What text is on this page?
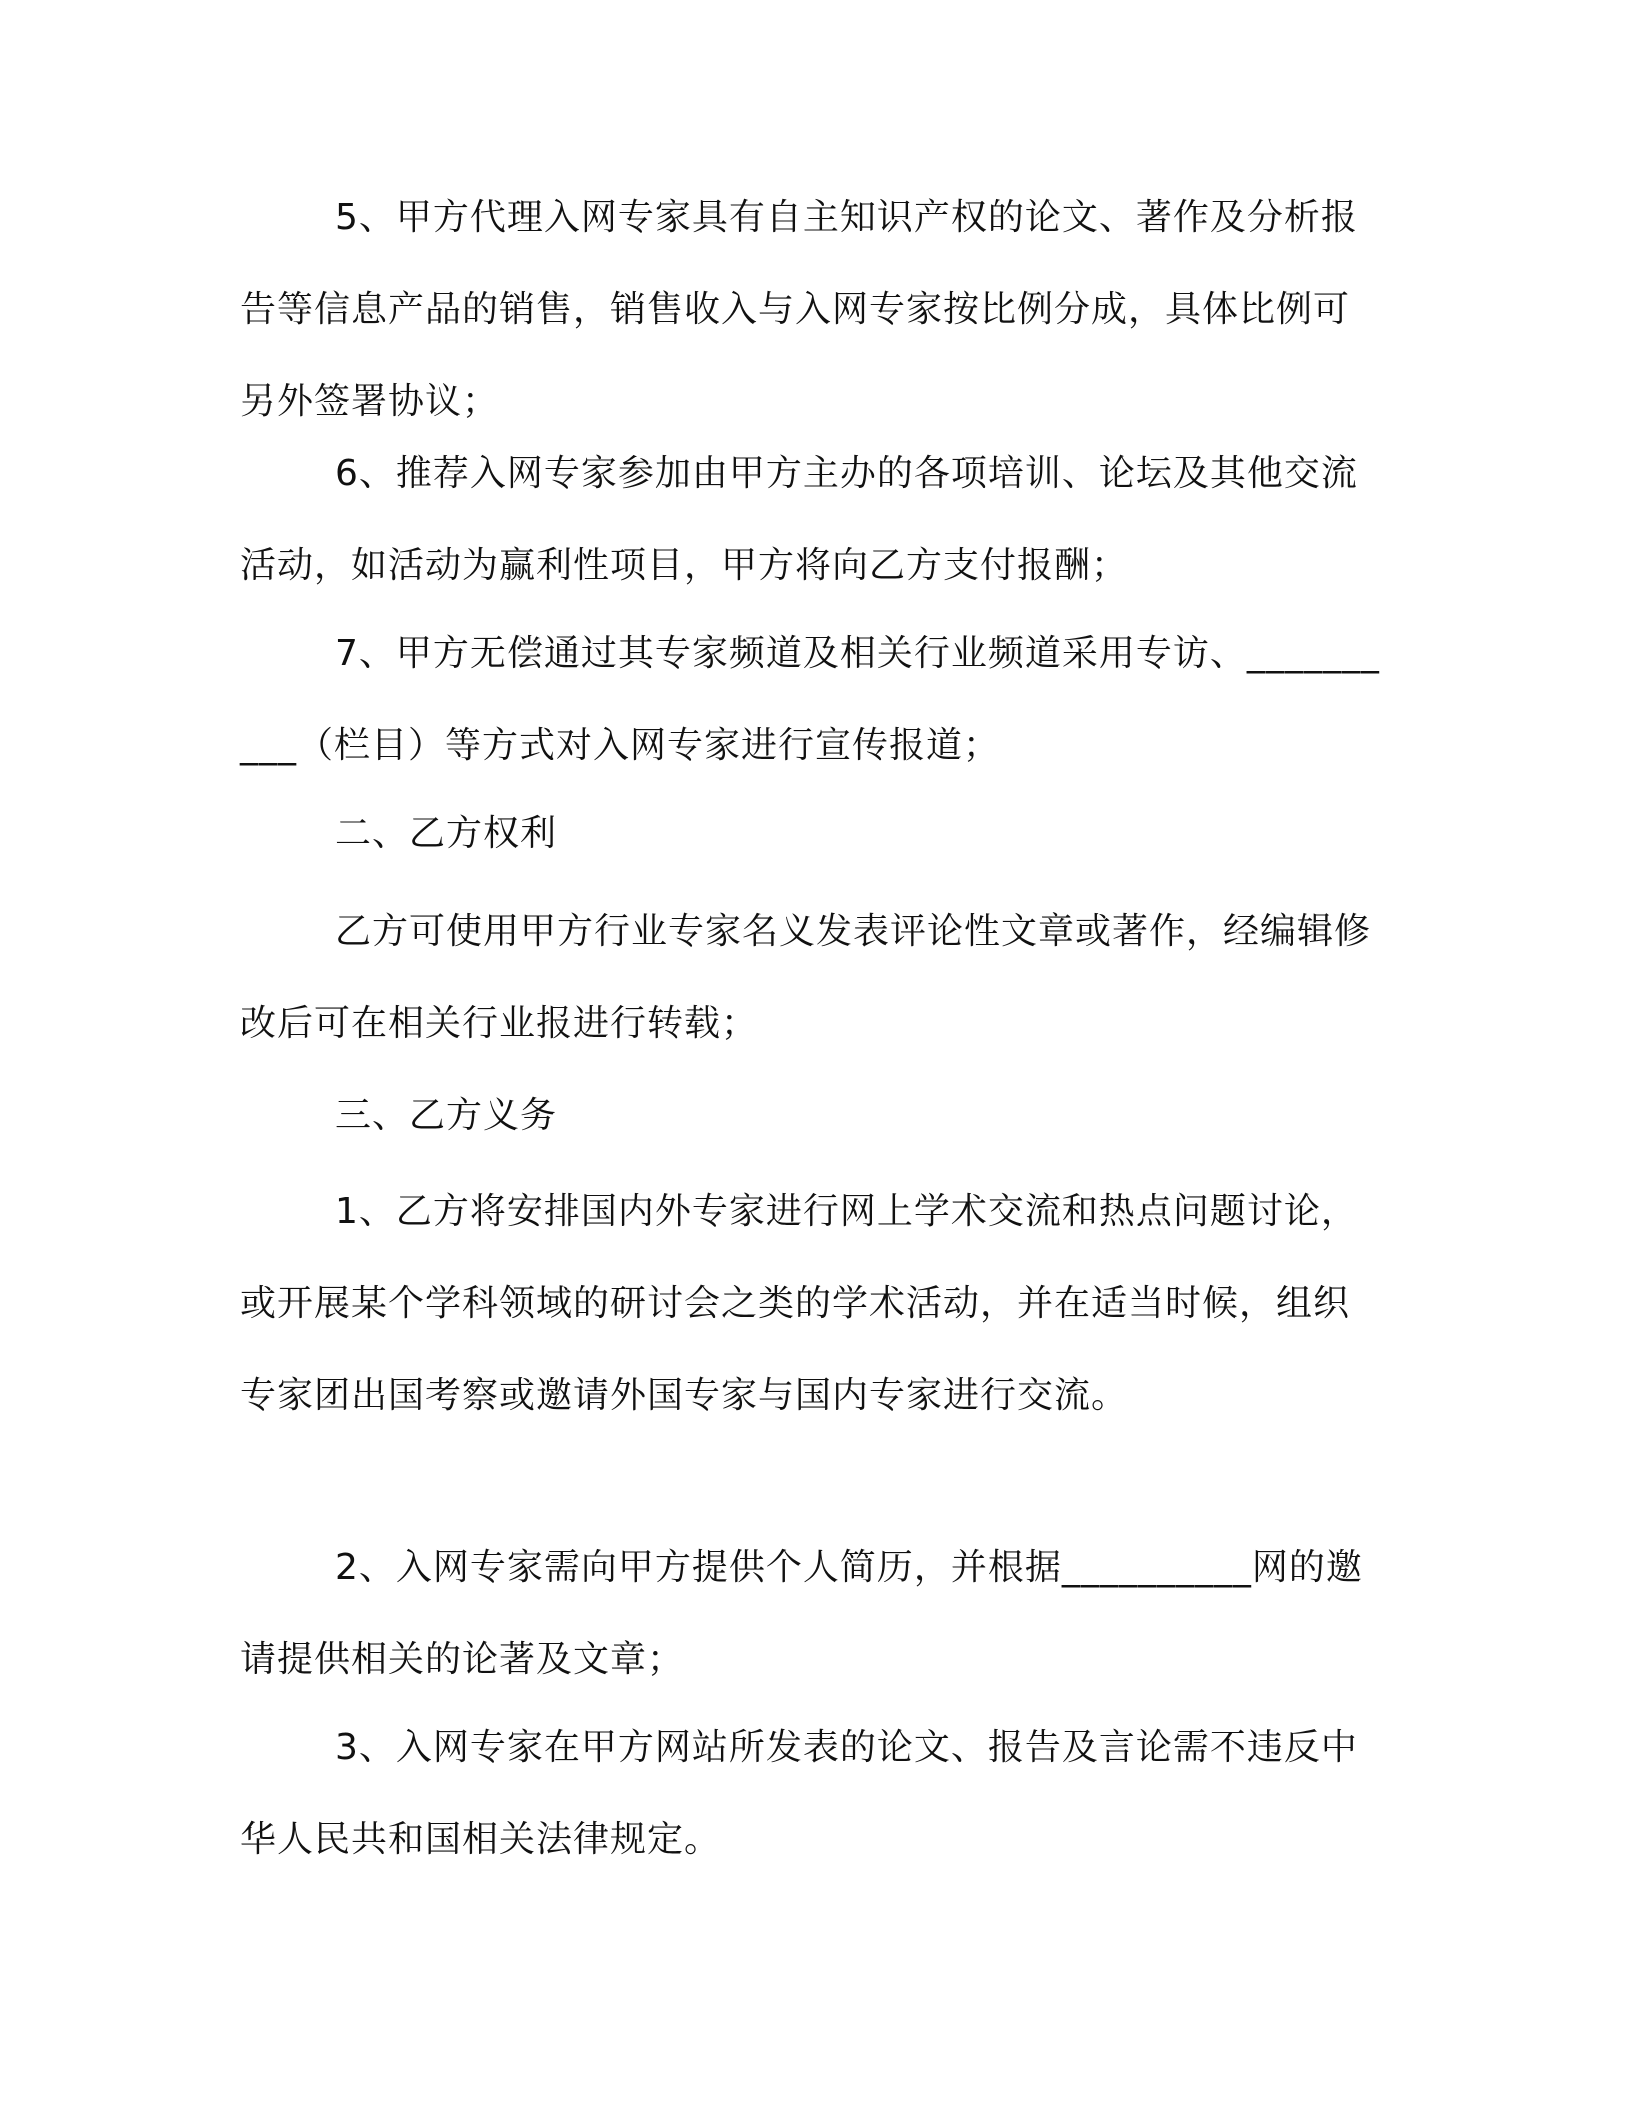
5、甲方代理入网专家具有自主知识产权的论文、著作及分析报告等信息产品的销售，销售收入与入网专家按比例分成，具体比例可另外签署协议；

6、推荐入网专家参加由甲方主办的各项培训、论坛及其他交流活动，如活动为赢利性项目，甲方将向乙方支付报酬；

7、甲方无偿通过其专家频道及相关行业频道采用专访、__________（栏目）等方式对入网专家进行宣传报道；

二、乙方权利

乙方可使用甲方行业专家名义发表评论性文章或著作，经编辑修改后可在相关行业报进行转载；

三、乙方义务

1、乙方将安排国内外专家进行网上学术交流和热点问题讨论，或开展某个学科领域的研讨会之类的学术活动，并在适当时候，组织专家团出国考察或邀请外国专家与国内专家进行交流。

2、入网专家需向甲方提供个人简历，并根据__________网的邀请提供相关的论著及文章；

3、入网专家在甲方网站所发表的论文、报告及言论需不违反中华人民共和国相关法律规定。
